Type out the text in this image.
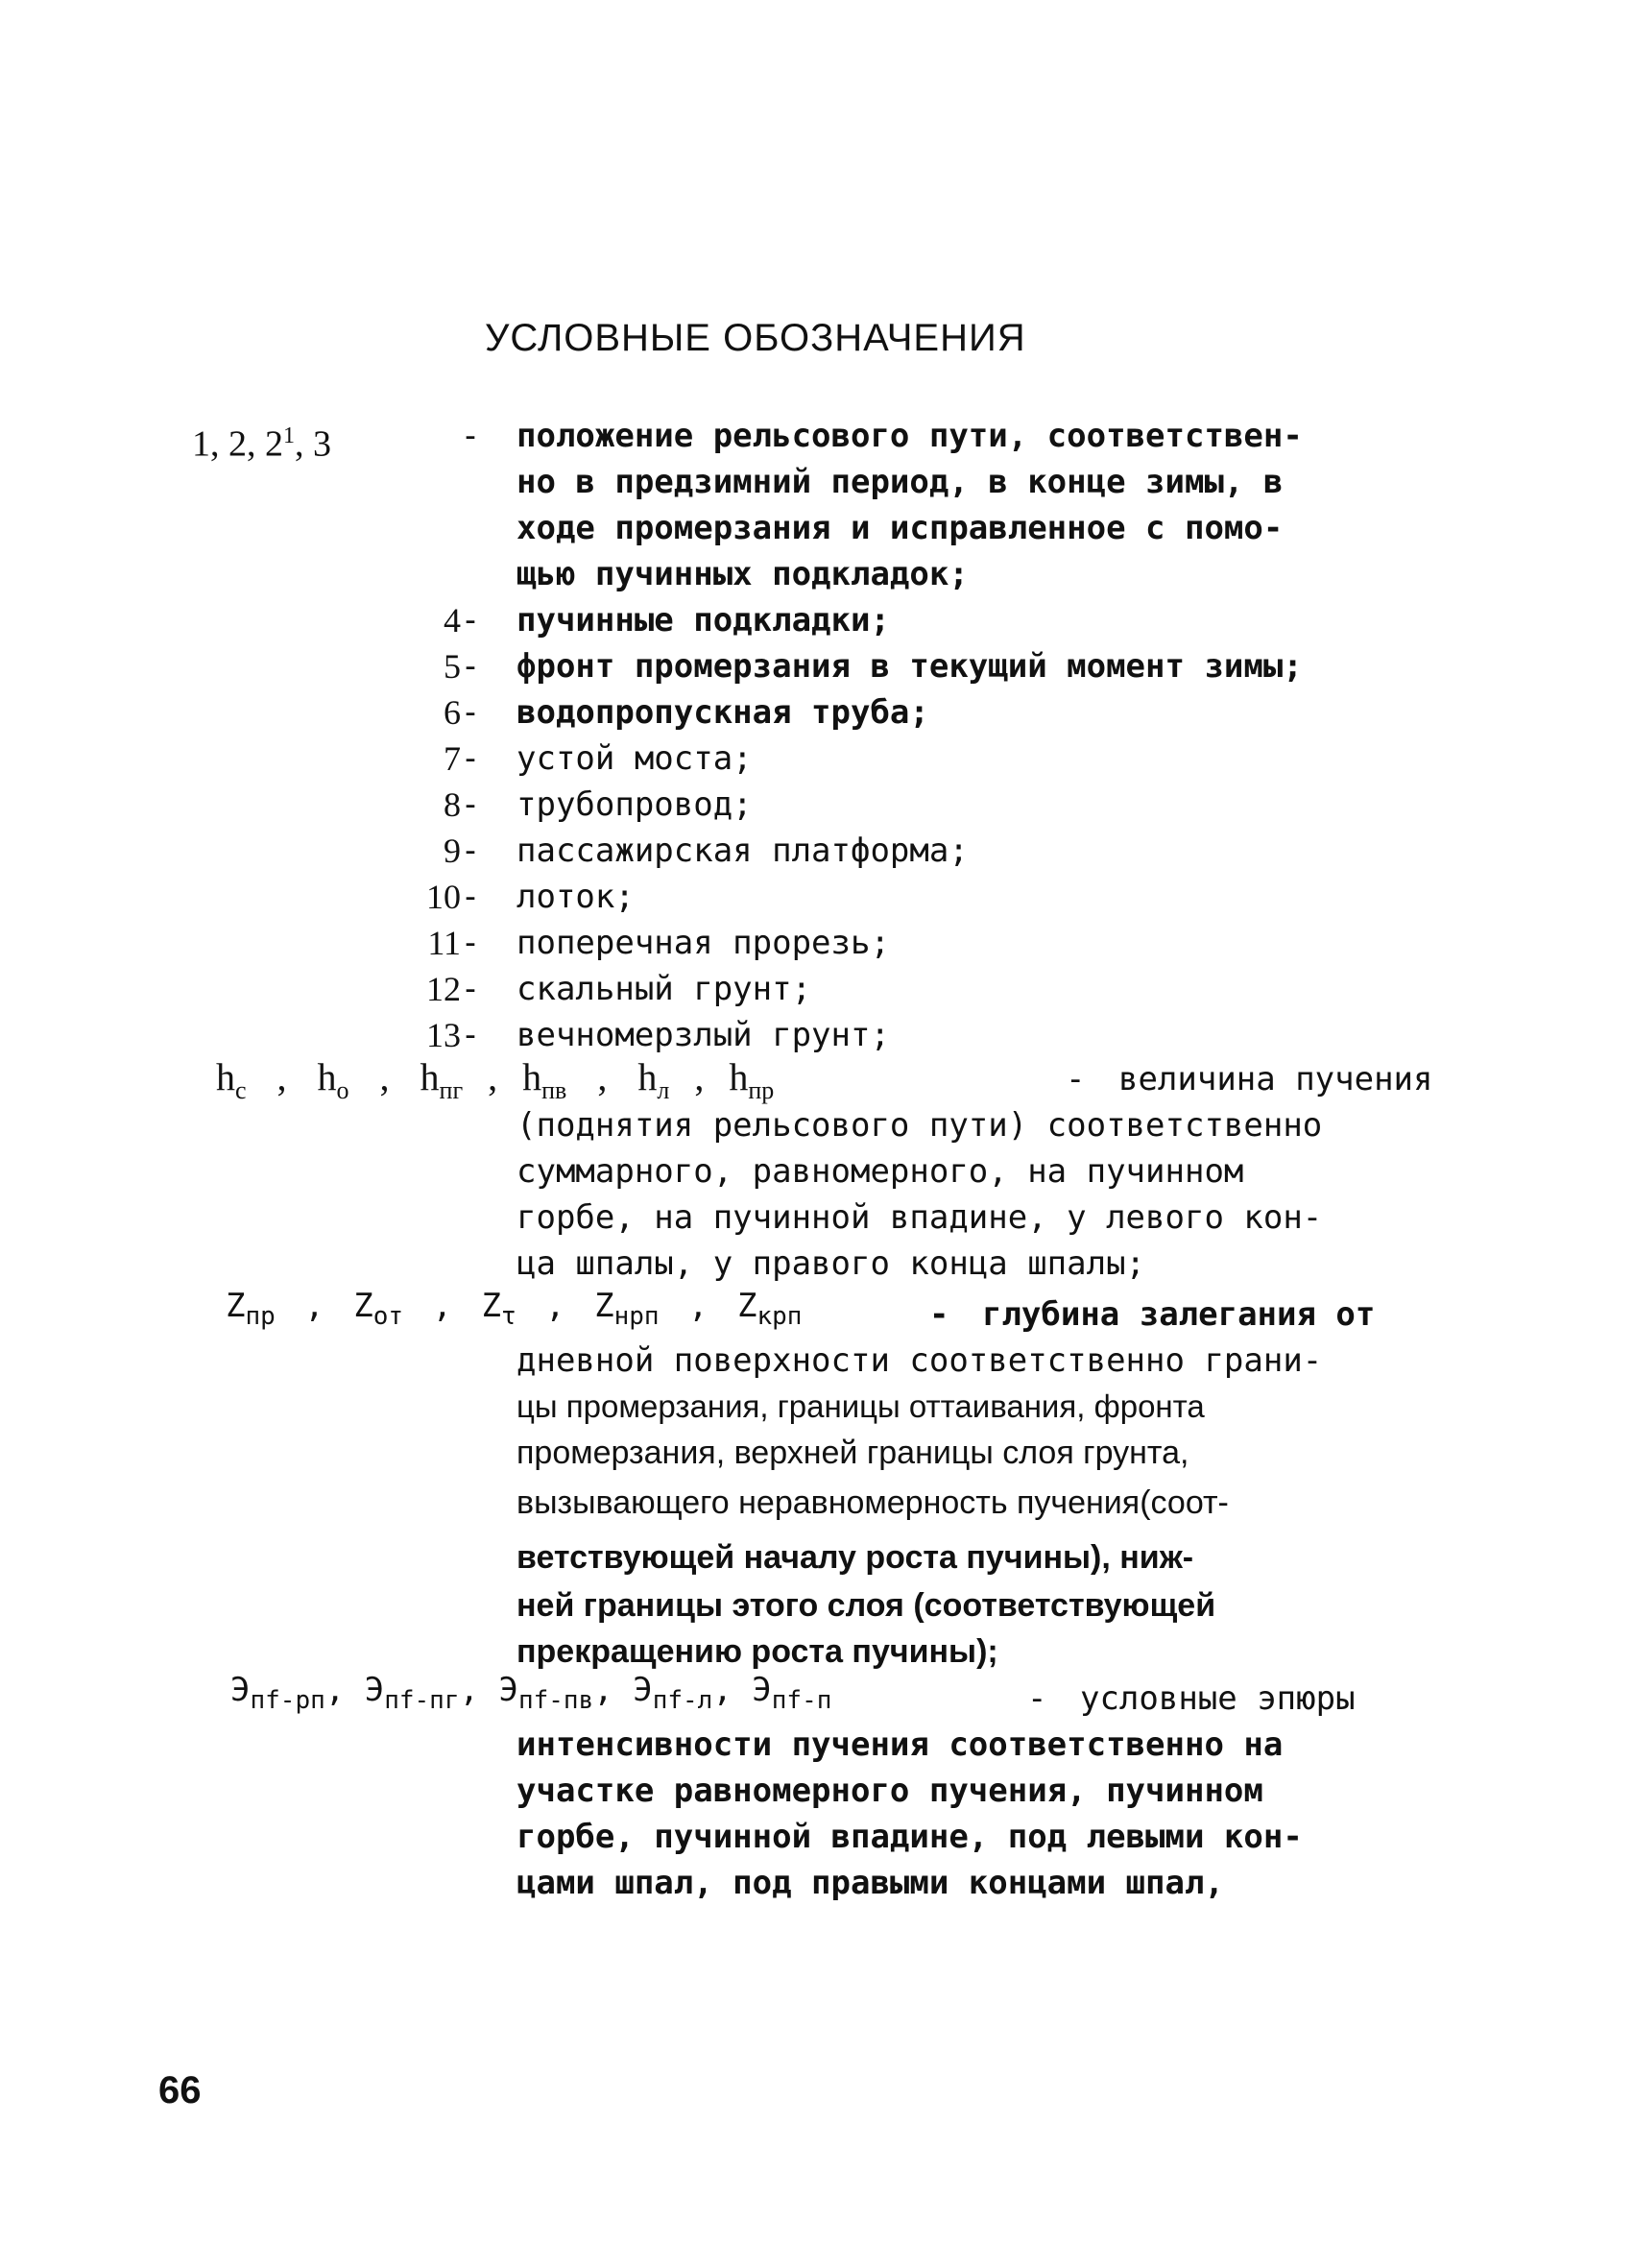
УСЛОВНЫЕ ОБОЗНАЧЕНИЯ
1, 2, $2^1$, 3	- положение рельсового пути, соответствен-
но в предзимний период, в конце зимы, в
ходе промерзания и исправленное с помо-
щью пучинных подкладок;
4 - пучинные подкладки;
5 - фронт промерзания в текущий момент зимы;
6 - водопропускная труба;
7 - устой моста;
8 - трубопровод;
9 - пассажирская платформа;
10 - лоток;
11 - поперечная прорезь;
12 - скальный грунт;
13 - вечномерзлый грунт;
$h_c$ , $h_o$ , $h_{пг}$ , $h_{пв}$ , $h_л$ , $h_{пр}$	- величина пучения
(поднятия рельсового пути) соответственно
суммарного, равномерного, на пучинном
горбе, на пучинной впадине, у левого кон-
ца шпалы, у правого конца шпалы;
$Z_{пр}$ , $Z_{от}$ , $Z_\tau$ , $Z_{нрп}$ , $Z_{крп}$	- глубина залегания от
дневной поверхности соответственно грани-
цы промерзания, границы оттаивания, фронта
промерзания, верхней границы слоя грунта,
вызывающего неравномерность пучения(соот-
ветствующей началу роста пучины), ниж-
ней границы этого слоя (соответствующей
прекращению роста пучины);
$Э_{пf-рп}$, $Э_{пf-пг}$, $Э_{пf-пв}$, $Э_{пf-л}$, $Э_{пf-п}$	- условные эпюры
интенсивности пучения соответственно на
участке равномерного пучения, пучинном
горбе, пучинной впадине, под левыми кон-
цами шпал, под правыми концами шпал,
66
